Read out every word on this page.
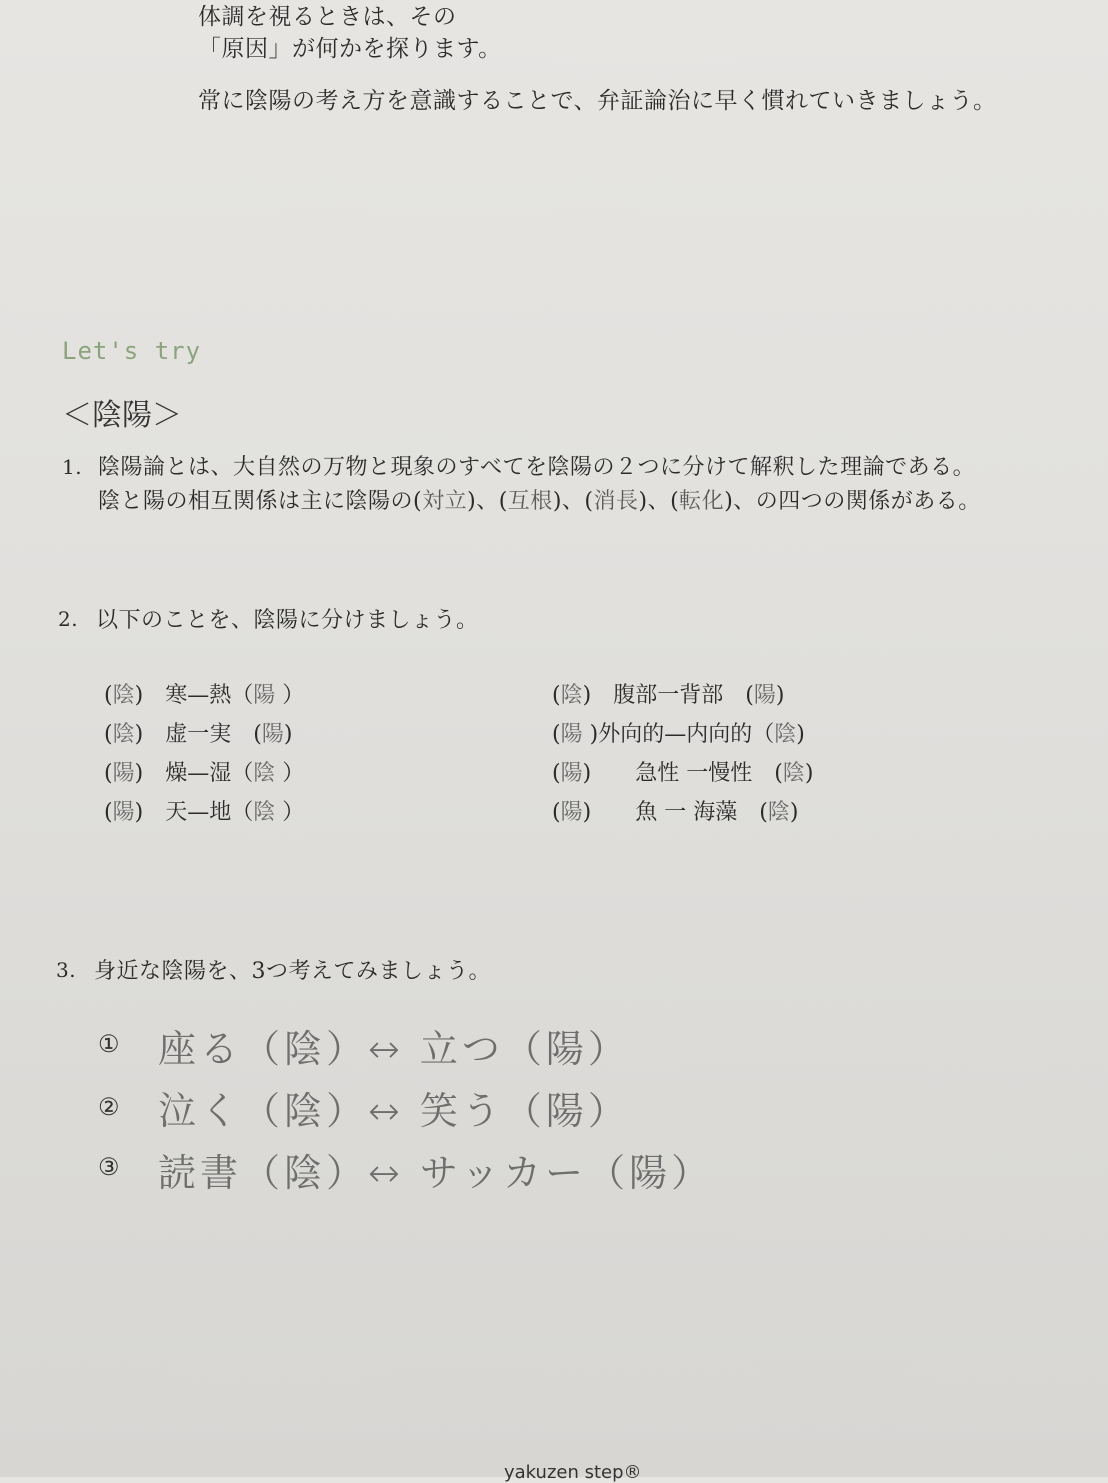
体調を視るときは、その
「原因」が何かを探ります。
常に陰陽の考え方を意識することで、弁証論治に早く慣れていきましょう。
Let's try
＜陰陽＞
1. 陰陽論とは、大自然の万物と現象のすべてを陰陽の２つに分けて解釈した理論である。
陰と陽の相互関係は主に陰陽の(対立)、(互根)、(消長)、(転化)、の四つの関係がある。
2. 以下のことを、陰陽に分けましょう。
(陰)　寒—熱（陽 ）
(陰)　虚一実　(陽)
(陽)　燥—湿（陰 ）
(陽)　天—地（陰 ）
(陰)　腹部一背部　(陽)
(陽 )外向的—内向的（陰)
(陽)　　急性 一慢性　(陰)
(陽)　　魚 一 海藻　(陰)
3. 身近な陰陽を、3つ考えてみましょう。
① 座る（陰）↔ 立つ（陽）
② 泣く（陰）↔ 笑う（陽）
③ 読書（陰）↔ サッカー（陽）
yakuzen step®
